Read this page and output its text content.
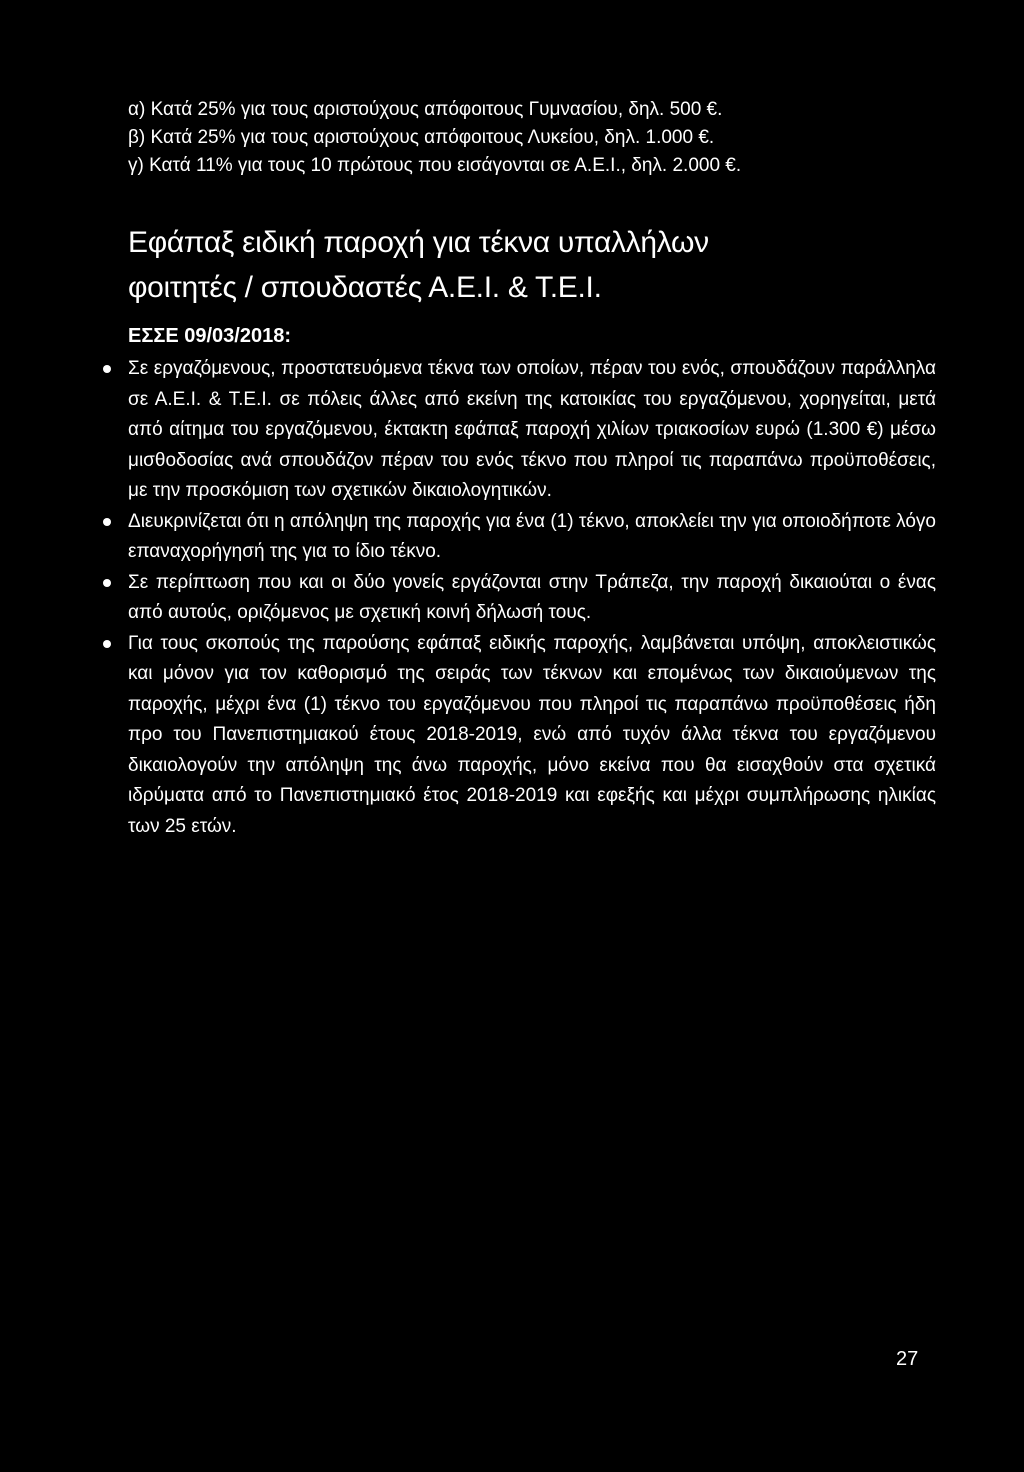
α) Κατά 25% για τους αριστούχους απόφοιτους Γυμνασίου, δηλ. 500 €.

β) Κατά 25% για τους αριστούχους απόφοιτους Λυκείου, δηλ. 1.000 €.

γ) Κατά 11% για τους 10 πρώτους που εισάγονται σε Α.Ε.Ι., δηλ. 2.000 €.

Εφάπαξ ειδική παροχή για τέκνα υπαλλήλων
φοιτητές / σπουδαστές Α.Ε.Ι. & Τ.Ε.Ι.
ΕΣΣΕ 09/03/2018:
Σε εργαζόμενους, προστατευόμενα τέκνα των οποίων, πέραν του ενός, σπουδάζουν παράλληλα σε Α.Ε.Ι. & Τ.Ε.Ι. σε πόλεις άλλες από εκείνη της κατοικίας του εργαζόμενου, χορηγείται, μετά από αίτημα του εργαζόμενου, έκτακτη εφάπαξ παροχή χιλίων τριακοσίων ευρώ (1.300 €) μέσω μισθοδοσίας ανά σπουδάζον πέραν του ενός τέκνο που πληροί τις παραπάνω προϋποθέσεις, με την προσκόμιση των σχετικών δικαιολογητικών.
Διευκρινίζεται ότι η απόληψη της παροχής για ένα (1) τέκνο, αποκλείει την για οποιοδήποτε λόγο επαναχορήγησή της για το ίδιο τέκνο.
Σε περίπτωση που και οι δύο γονείς εργάζονται στην Τράπεζα, την παροχή δικαιούται ο ένας από αυτούς, οριζόμενος με σχετική κοινή δήλωσή τους.
Για τους σκοπούς της παρούσης εφάπαξ ειδικής παροχής, λαμβάνεται υπόψη, αποκλειστικώς και μόνον για τον καθορισμό της σειράς των τέκνων και επομένως των δικαιούμενων της παροχής, μέχρι ένα (1) τέκνο του εργαζόμενου που πληροί τις παραπάνω προϋποθέσεις ήδη προ του Πανεπιστημιακού έτους 2018-2019, ενώ από τυχόν άλλα τέκνα του εργαζόμενου δικαιολογούν την απόληψη της άνω παροχής, μόνο εκείνα που θα εισαχθούν στα σχετικά ιδρύματα από το Πανεπιστημιακό έτος 2018-2019 και εφεξής και μέχρι συμπλήρωσης ηλικίας των 25 ετών.
27
